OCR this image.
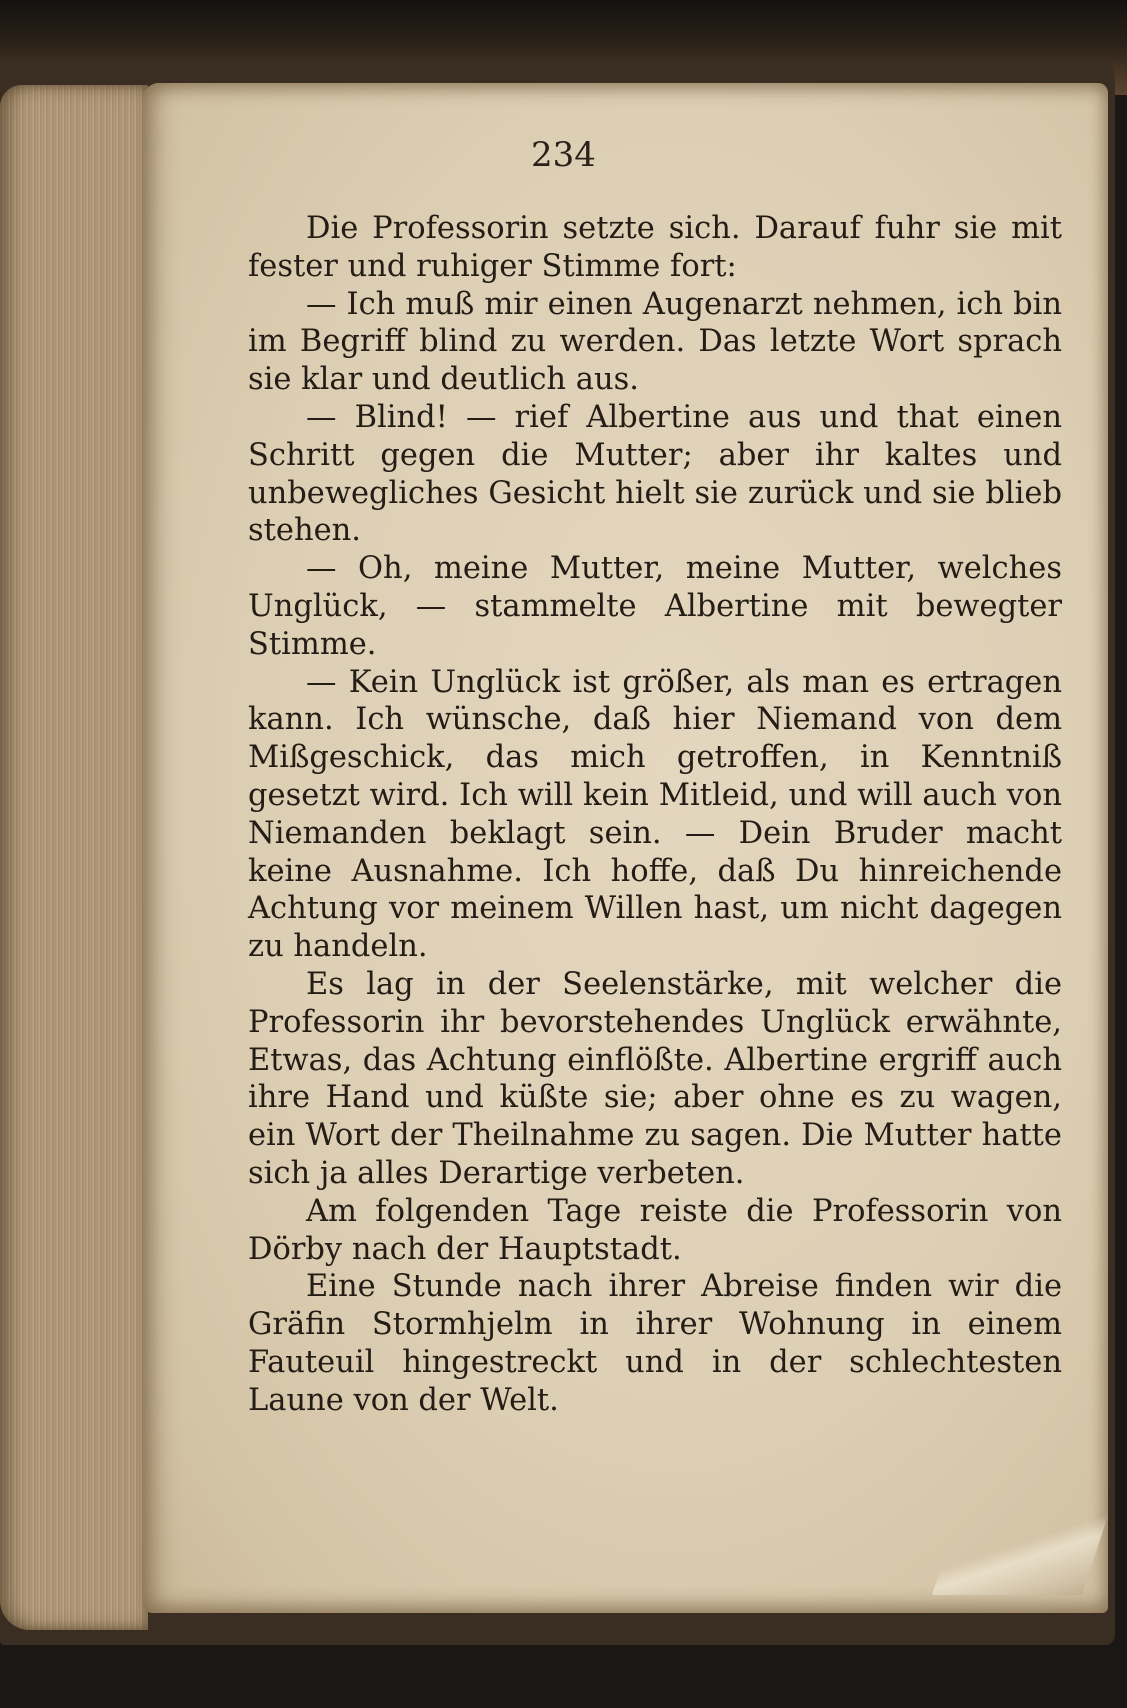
234

Die Professorin setzte sich. Darauf fuhr sie mit fester und ruhiger Stimme fort:

— Ich muß mir einen Augenarzt nehmen, ich bin im Begriff blind zu werden. Das letzte Wort sprach sie klar und deutlich aus.

— Blind! — rief Albertine aus und that einen Schritt gegen die Mutter; aber ihr kaltes und unbewegliches Gesicht hielt sie zurück und sie blieb stehen.

— Oh, meine Mutter, meine Mutter, welches Unglück, — stammelte Albertine mit bewegter Stimme.

— Kein Unglück ist größer, als man es ertragen kann. Ich wünsche, daß hier Niemand von dem Mißgeschick, das mich getroffen, in Kenntniß gesetzt wird. Ich will kein Mitleid, und will auch von Niemanden beklagt sein. — Dein Bruder macht keine Ausnahme. Ich hoffe, daß Du hinreichende Achtung vor meinem Willen hast, um nicht dagegen zu handeln.

Es lag in der Seelenstärke, mit welcher die Professorin ihr bevorstehendes Unglück erwähnte, Etwas, das Achtung einflößte. Albertine ergriff auch ihre Hand und küßte sie; aber ohne es zu wagen, ein Wort der Theilnahme zu sagen. Die Mutter hatte sich ja alles Derartige verbeten.

Am folgenden Tage reiste die Professorin von Dörby nach der Hauptstadt.

Eine Stunde nach ihrer Abreise finden wir die Gräfin Stormhjelm in ihrer Wohnung in einem Fauteuil hingestreckt und in der schlechtesten Laune von der Welt.
